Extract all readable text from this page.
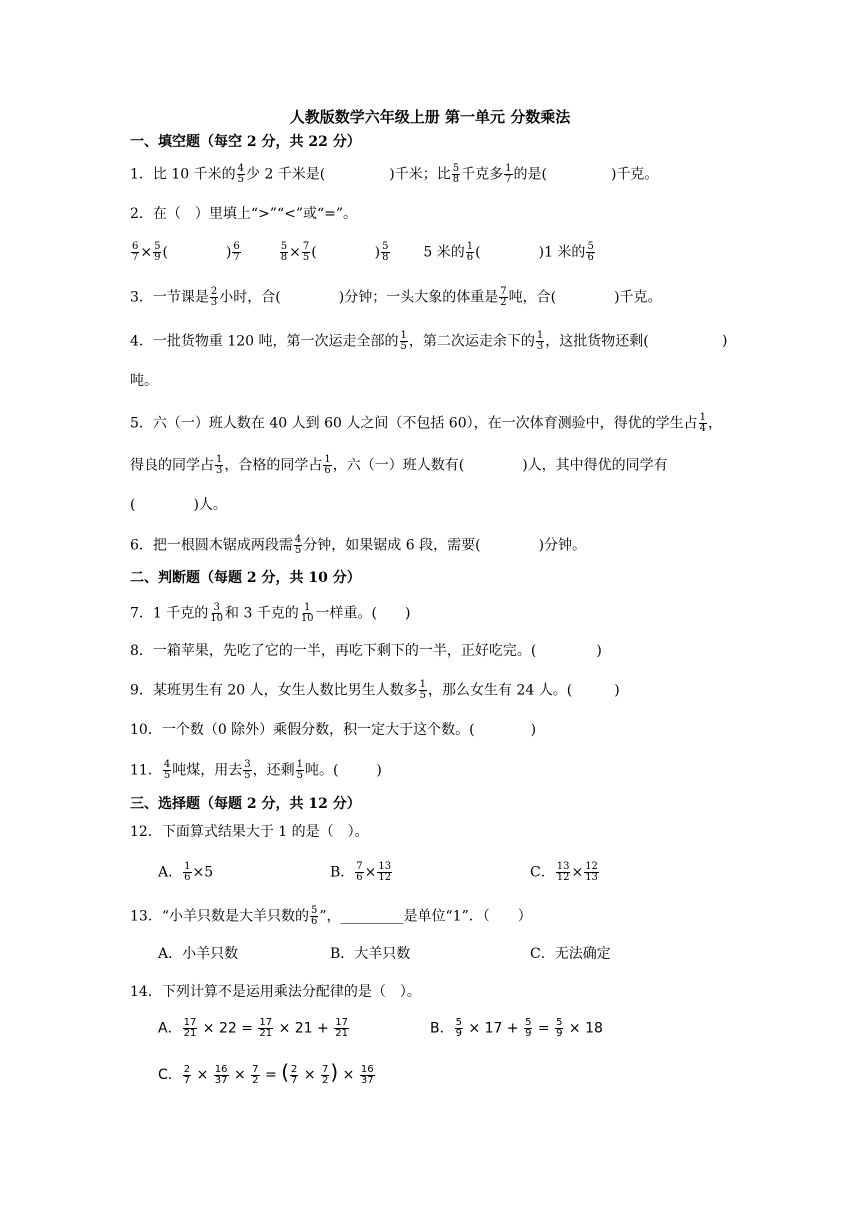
人教版数学六年级上册 第一单元 分数乘法
一、填空题（每空 2 分，共 22 分）
1．比 10 千米的 $\frac{4}{5}$ 少 2 千米是(	)千米；比 $\frac{5}{8}$ 千克多 $\frac{1}{7}$ 的是(	)千克。
2．在（　）里填上“>”“<”或“=”。
$\frac{6}{7} \times \frac{5}{9}$ (	) $\frac{6}{7}$
	$\frac{5}{8} \times \frac{7}{5}$ (	) $\frac{5}{8} 5$ 米的 $\frac{1}{6}$ (	)1 米的 $\frac{5}{6}$
3．一节课是 $\frac{2}{3}$ 小时，合(	)分钟；一头大象的体重是 $\frac{7}{2}$ 吨，合(	)千克。
4．一批货物重 120 吨，第一次运走全部的 $\frac{1}{5}$ ，第二次运走余下的 $\frac{1}{3}$ ，这批货物还剩(	)
吨。
5．六（一）班人数在 40 人到 60 人之间（不包括 60），在一次体育测验中，得优的学生占 $\frac{1}{4}$ ，
得良的同学占 $\frac{1}{3}$ ，合格的同学占 $\frac{1}{6}$ ，六（一）班人数有(	)人，其中得优的同学有
(	)人。
6．把一根圆木锯成两段需 $\frac{4}{5}$ 分钟，如果锯成 6 段，需要(	)分钟。
二、判断题（每题 2 分，共 10 分）
7．1 千克的 $\frac{3}{10}$ 和 3 千克的 $\frac{1}{10}$ 一样重。( )
8．一箱苹果，先吃了它的一半，再吃下剩下的一半，正好吃完。(	)
9．某班男生有 20 人，女生人数比男生人数多 $\frac{1}{5}$ ，那么女生有 24 人。(	)
10．一个数（0 除外）乘假分数，积一定大于这个数。(	)
11． $\frac{4}{5}$ 吨煤，用去 $\frac{3}{5}$ ，还剩 $\frac{1}{5}$ 吨。(	)
三、选择题（每题 2 分，共 12 分）
12．下面算式结果大于 1 的是（　）。
A． $\frac{1}{6} \times 5$	B． $\frac{7}{6} \times \frac{13}{12}$	C． $\frac{13}{12} \times \frac{12}{13}$
13．“小羊只数是大羊只数的 $\frac{5}{6}$ ”，_________是单位“1”．（　　）
A．小羊只数	B．大羊只数	C．无法确定
14．下列计算不是运用乘法分配律的是（　）。
A． $\frac{17}{21} \times 22 = \frac{17}{21} \times 21 + \frac{17}{21}$	B． $\frac{5}{9} \times 17 + \frac{5}{9} = \frac{5}{9} \times 18$
C． $\frac{2}{7} \times \frac{16}{37} \times \frac{7}{2}$ = ( $\frac{2}{7} \times \frac{7}{2}$ ) × $\frac{16}{37}$
